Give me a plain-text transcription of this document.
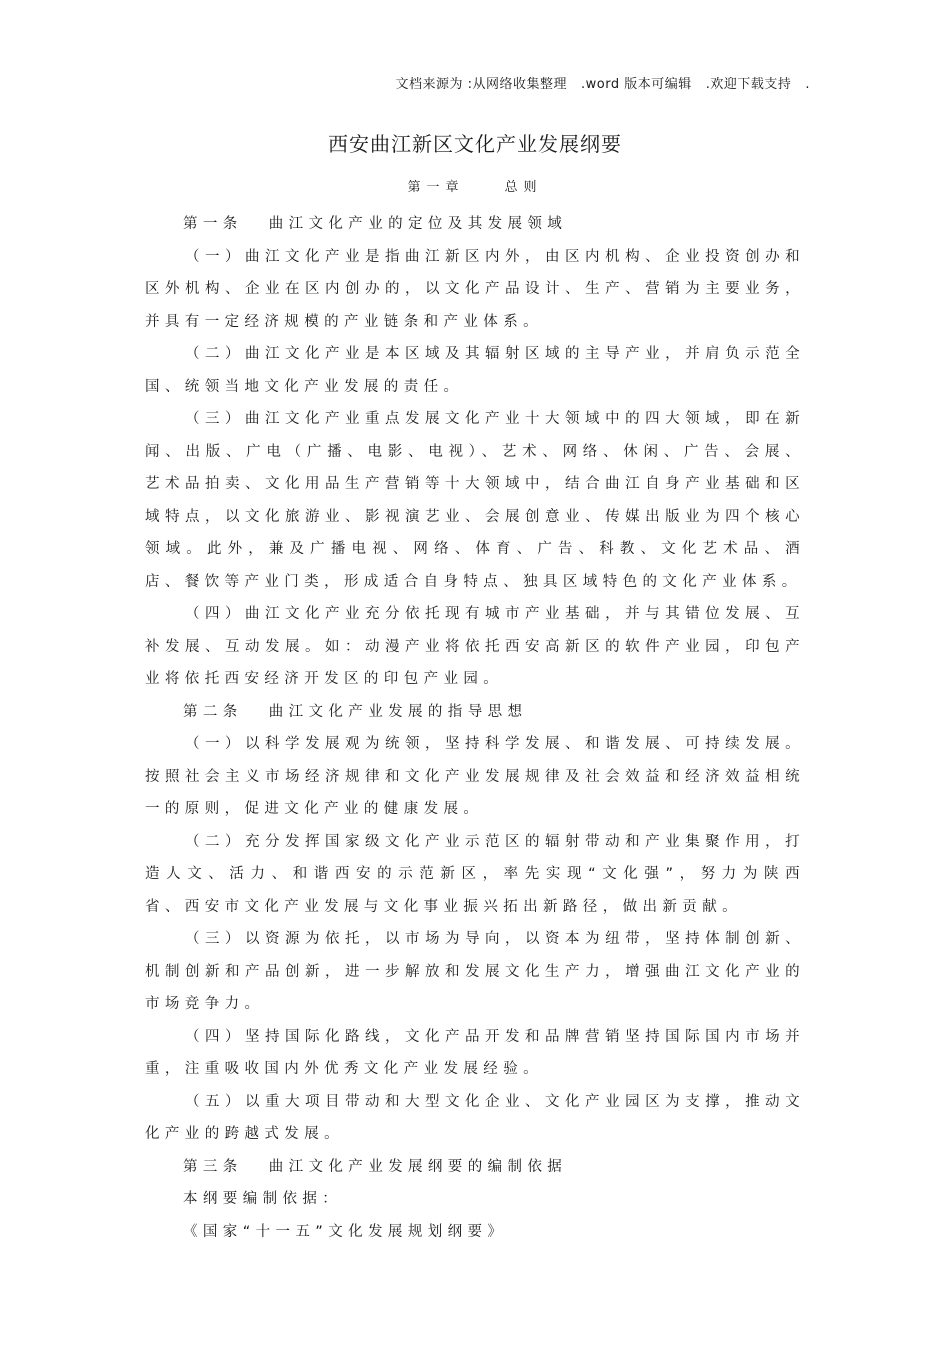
文档来源为 :从网络收集整理 .word 版本可编辑 .欢迎下载支持 .
西安曲江新区文化产业发展纲要
第一章	总则
第一条 曲江文化产业的定位及其发展领域

（一）曲江文化产业是指曲江新区内外，由区内机构、企业投资创办和区外机构、企业在区内创办的，以文化产品设计、生产、营销为主要业务，并具有一定经济规模的产业链条和产业体系。

（二）曲江文化产业是本区域及其辐射区域的主导产业，并肩负示范全国、统领当地文化产业发展的责任。

（三）曲江文化产业重点发展文化产业十大领域中的四大领域，即在新闻、出版、广电（广播、电影、电视）、艺术、网络、休闲、广告、会展、艺术品拍卖、文化用品生产营销等十大领域中，结合曲江自身产业基础和区域特点，以文化旅游业、影视演艺业、会展创意业、传媒出版业为四个核心领域。此外，兼及广播电视、网络、体育、广告、科教、文化艺术品、酒店、餐饮等产业门类，形成适合自身特点、独具区域特色的文化产业体系。

（四）曲江文化产业充分依托现有城市产业基础，并与其错位发展、互补发展、互动发展。如：动漫产业将依托西安高新区的软件产业园，印包产业将依托西安经济开发区的印包产业园。

第二条 曲江文化产业发展的指导思想

（一）以科学发展观为统领，坚持科学发展、和谐发展、可持续发展。按照社会主义市场经济规律和文化产业发展规律及社会效益和经济效益相统一的原则，促进文化产业的健康发展。

（二）充分发挥国家级文化产业示范区的辐射带动和产业集聚作用，打造人文、活力、和谐西安的示范新区，率先实现“文化强”，努力为陕西省、西安市文化产业发展与文化事业振兴拓出新路径，做出新贡献。

（三）以资源为依托，以市场为导向，以资本为纽带，坚持体制创新、机制创新和产品创新，进一步解放和发展文化生产力，增强曲江文化产业的市场竞争力。

（四）坚持国际化路线，文化产品开发和品牌营销坚持国际国内市场并重，注重吸收国内外优秀文化产业发展经验。

（五）以重大项目带动和大型文化企业、文化产业园区为支撑，推动文化产业的跨越式发展。

第三条 曲江文化产业发展纲要的编制依据
本纲要编制依据：
《国家“十一五”文化发展规划纲要》
